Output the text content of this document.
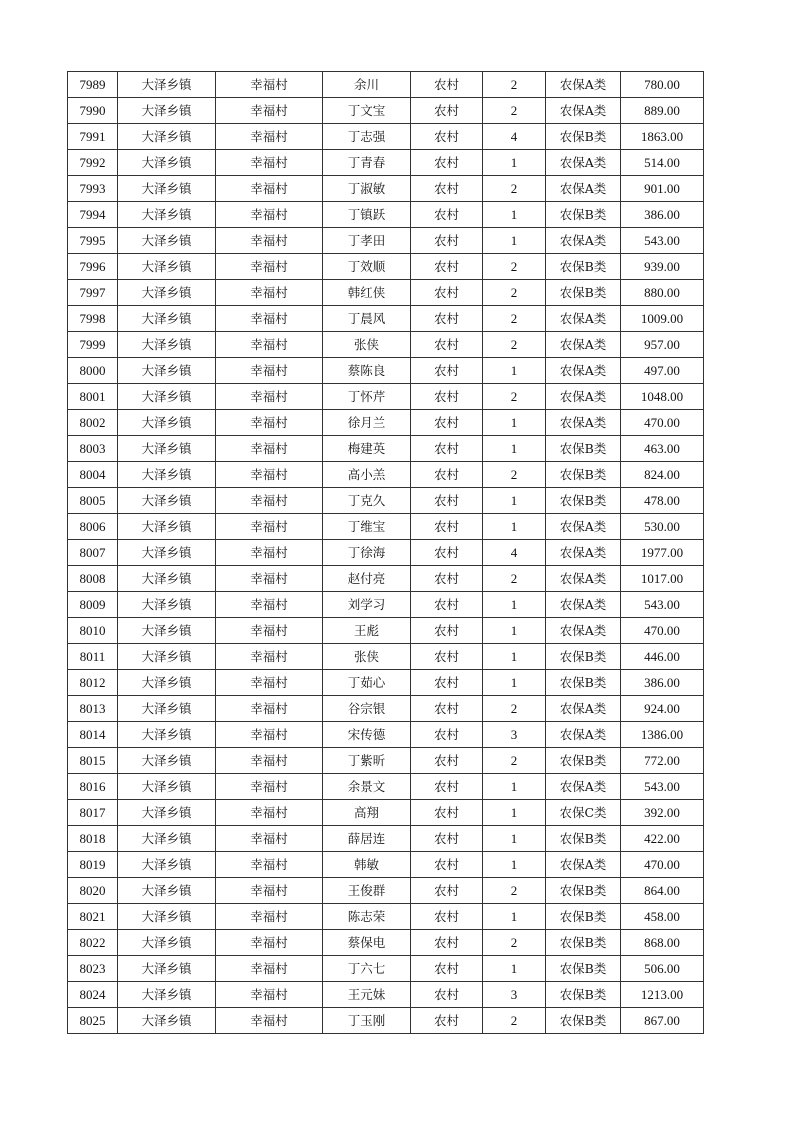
7989	大泽乡镇	幸福村	余川	农村	2	农保A类	780.00
7990	大泽乡镇	幸福村	丁文宝	农村	2	农保A类	889.00
7991	大泽乡镇	幸福村	丁志强	农村	4	农保B类	1863.00
7992	大泽乡镇	幸福村	丁青春	农村	1	农保A类	514.00
7993	大泽乡镇	幸福村	丁淑敏	农村	2	农保A类	901.00
7994	大泽乡镇	幸福村	丁镇跃	农村	1	农保B类	386.00
7995	大泽乡镇	幸福村	丁孝田	农村	1	农保A类	543.00
7996	大泽乡镇	幸福村	丁效顺	农村	2	农保B类	939.00
7997	大泽乡镇	幸福村	韩红侠	农村	2	农保B类	880.00
7998	大泽乡镇	幸福村	丁晨风	农村	2	农保A类	1009.00
7999	大泽乡镇	幸福村	张侠	农村	2	农保A类	957.00
8000	大泽乡镇	幸福村	蔡陈良	农村	1	农保A类	497.00
8001	大泽乡镇	幸福村	丁怀芹	农村	2	农保A类	1048.00
8002	大泽乡镇	幸福村	徐月兰	农村	1	农保A类	470.00
8003	大泽乡镇	幸福村	梅建英	农村	1	农保B类	463.00
8004	大泽乡镇	幸福村	高小羔	农村	2	农保B类	824.00
8005	大泽乡镇	幸福村	丁克久	农村	1	农保B类	478.00
8006	大泽乡镇	幸福村	丁维宝	农村	1	农保A类	530.00
8007	大泽乡镇	幸福村	丁徐海	农村	4	农保A类	1977.00
8008	大泽乡镇	幸福村	赵付亮	农村	2	农保A类	1017.00
8009	大泽乡镇	幸福村	刘学习	农村	1	农保A类	543.00
8010	大泽乡镇	幸福村	王彪	农村	1	农保A类	470.00
8011	大泽乡镇	幸福村	张侠	农村	1	农保B类	446.00
8012	大泽乡镇	幸福村	丁茹心	农村	1	农保B类	386.00
8013	大泽乡镇	幸福村	谷宗银	农村	2	农保A类	924.00
8014	大泽乡镇	幸福村	宋传德	农村	3	农保A类	1386.00
8015	大泽乡镇	幸福村	丁紫昕	农村	2	农保B类	772.00
8016	大泽乡镇	幸福村	余景文	农村	1	农保A类	543.00
8017	大泽乡镇	幸福村	高翔	农村	1	农保C类	392.00
8018	大泽乡镇	幸福村	薛居连	农村	1	农保B类	422.00
8019	大泽乡镇	幸福村	韩敏	农村	1	农保A类	470.00
8020	大泽乡镇	幸福村	王俊群	农村	2	农保B类	864.00
8021	大泽乡镇	幸福村	陈志荣	农村	1	农保B类	458.00
8022	大泽乡镇	幸福村	蔡保电	农村	2	农保B类	868.00
8023	大泽乡镇	幸福村	丁六七	农村	1	农保B类	506.00
8024	大泽乡镇	幸福村	王元妹	农村	3	农保B类	1213.00
8025	大泽乡镇	幸福村	丁玉刚	农村	2	农保B类	867.00
